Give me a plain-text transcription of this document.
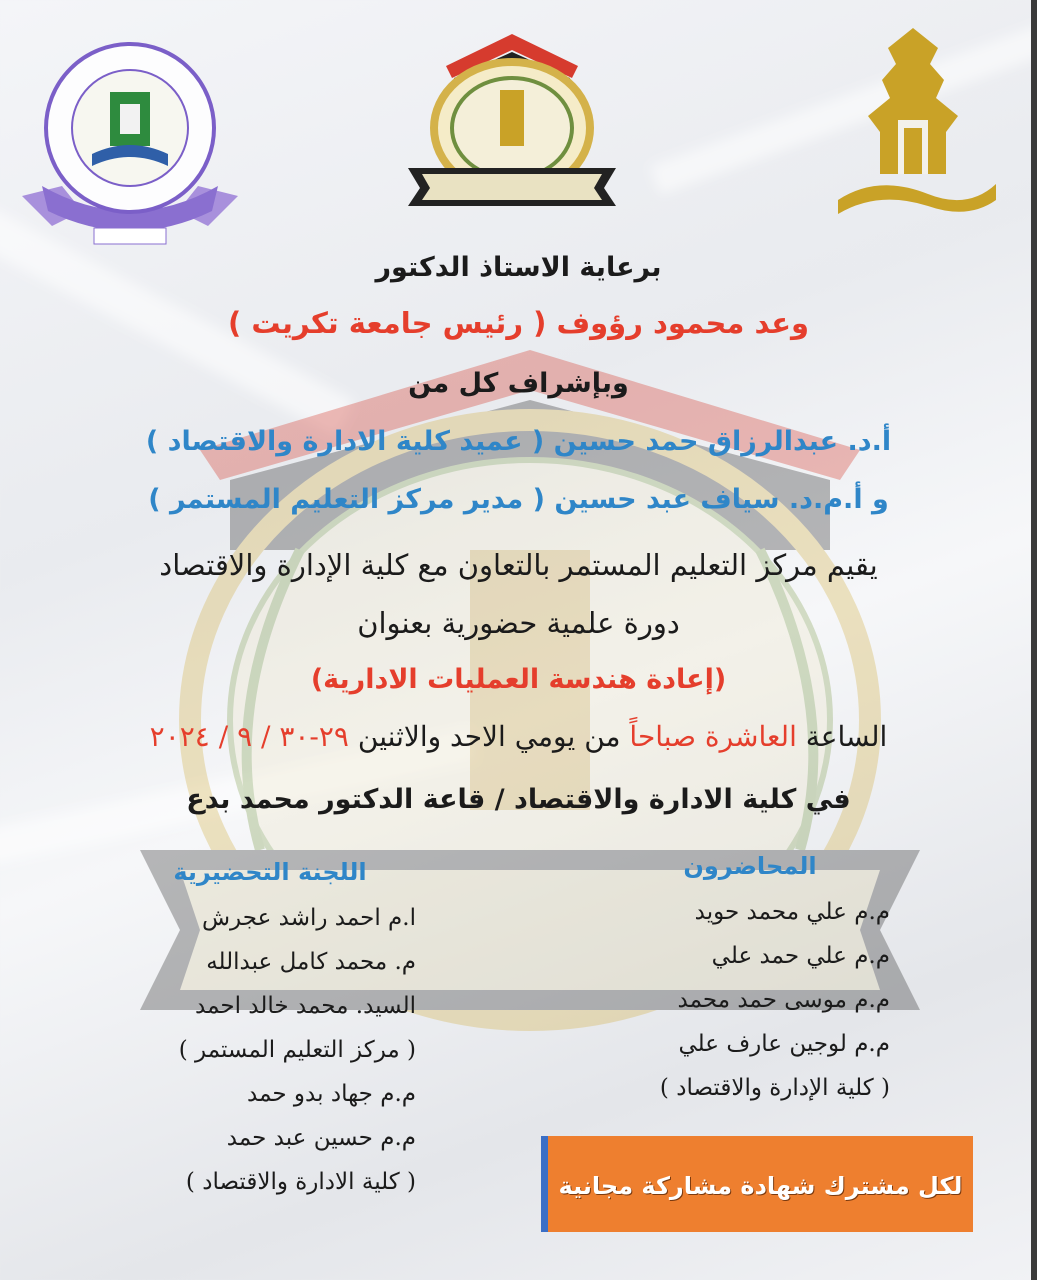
برعاية الاستاذ الدكتور
وعد محمود رؤوف ( رئيس جامعة تكريت )
وبإشراف كل من
أ.د. عبدالرزاق حمد حسين ( عميد كلية الادارة والاقتصاد )
و أ.م.د. سياف عبد حسين ( مدير مركز التعليم المستمر )
يقيم مركز التعليم المستمر بالتعاون مع كلية الإدارة والاقتصاد
دورة علمية حضورية بعنوان
(إعادة هندسة العمليات الادارية)
الساعة العاشرة صباحاً من يومي الاحد والاثنين ٢٩-٣٠ / ٩ / ٢٠٢٤
في كلية الادارة والاقتصاد / قاعة الدكتور محمد بدع
المحاضرون
م.م علي محمد حويد
م.م علي حمد علي
م.م موسى حمد محمد
م.م لوجين عارف علي
( كلية الإدارة والاقتصاد )
اللجنة التحضيرية
ا.م احمد راشد عجرش
م. محمد كامل عبدالله
السيد. محمد خالد احمد
( مركز التعليم المستمر )
م.م جهاد بدو حمد
م.م حسين عبد حمد
( كلية الادارة والاقتصاد )	لكل مشترك شهادة مشاركة مجانية
